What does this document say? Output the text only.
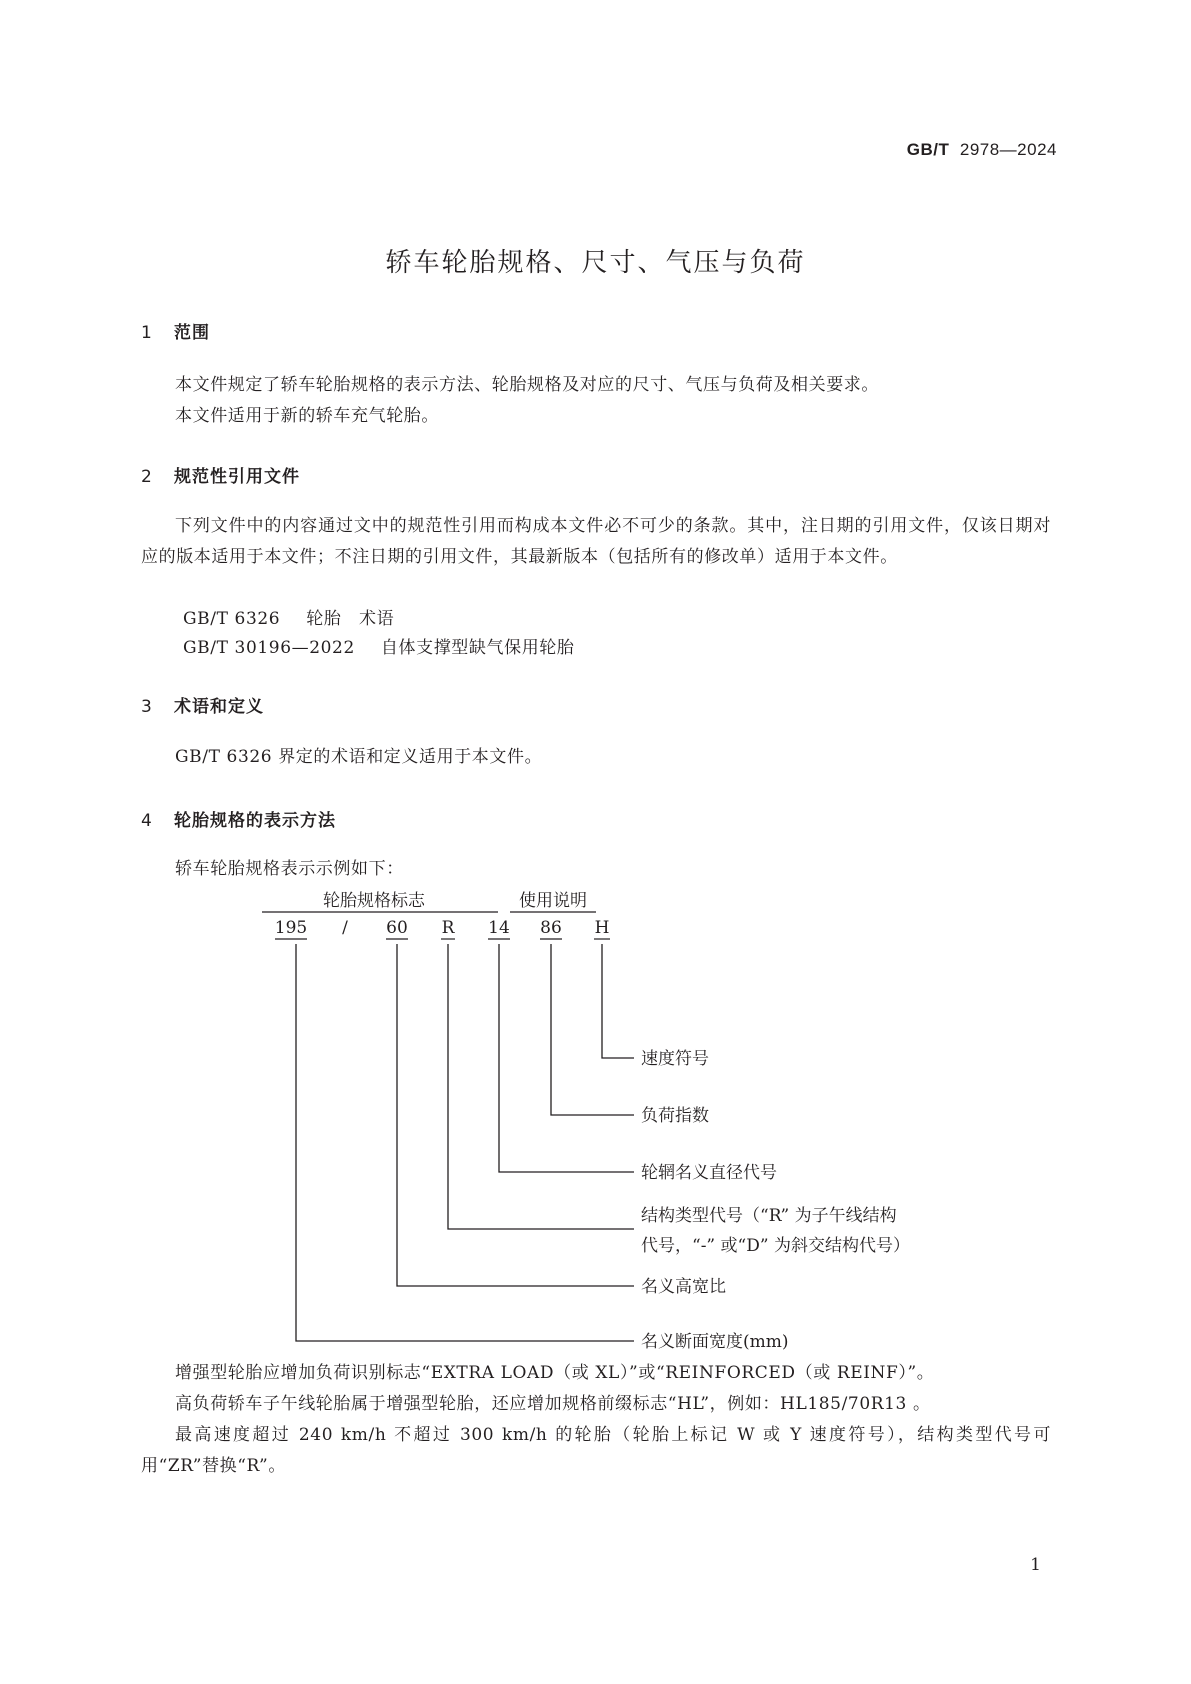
GB/T 2978—2024
轿车轮胎规格、尺寸、气压与负荷
1 范围

本文件规定了轿车轮胎规格的表示方法、轮胎规格及对应的尺寸、气压与负荷及相关要求。

本文件适用于新的轿车充气轮胎。

2 规范性引用文件

下列文件中的内容通过文中的规范性引用而构成本文件必不可少的条款。其中，注日期的引用文件，仅该日期对应的版本适用于本文件；不注日期的引用文件，其最新版本（包括所有的修改单）适用于本文件。

GB/T 6326 轮胎　术语
GB/T 30196—2022 自体支撑型缺气保用轮胎
3 术语和定义

GB/T 6326 界定的术语和定义适用于本文件。

4 轮胎规格的表示方法

轿车轮胎规格表示示例如下：

轮胎规格标志	使用说明
195 / 60 R 14 86 H
速度符号
负荷指数
轮辋名义直径代号
结构类型代号（“R” 为子午线结构
代号，“-” 或“D” 为斜交结构代号）
名义高宽比
名义断面宽度(mm)

增强型轮胎应增加负荷识别标志“EXTRA LOAD（或 XL）”或“REINFORCED（或 REINF）”。

高负荷轿车子午线轮胎属于增强型轮胎，还应增加规格前缀标志“HL”，例如：HL185/70R13 。

最高速度超过 240 km/h 不超过 300 km/h 的轮胎（轮胎上标记 W 或 Y 速度符号），结构类型代号可用“ZR”替换“R”。

1
